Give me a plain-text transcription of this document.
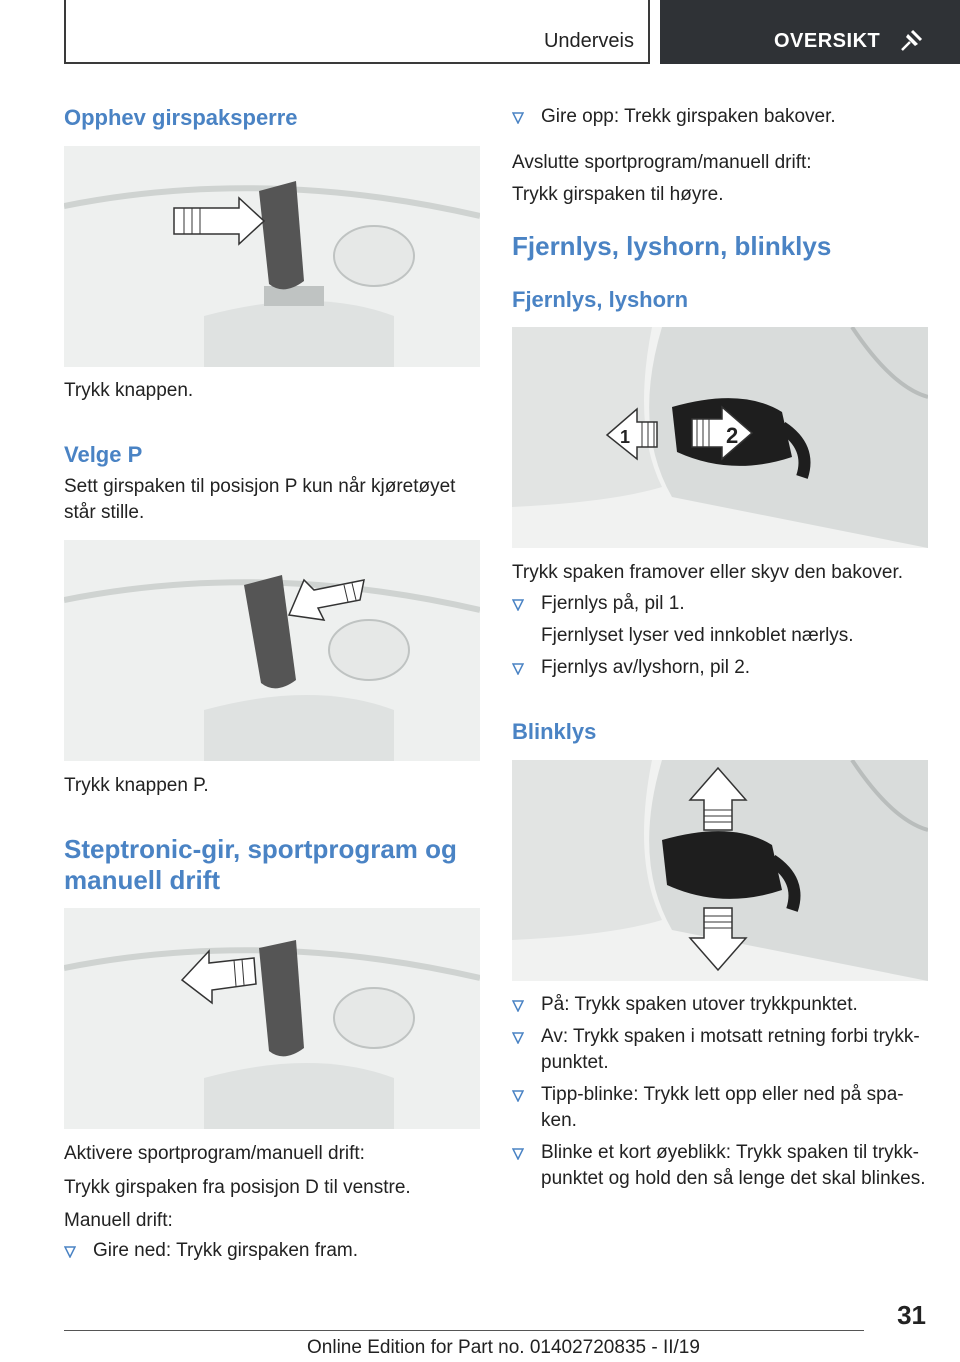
Underveis	OVERSIKT
Opphev girspaksperre

Trykk knappen.

Velge P

Sett girspaken til posisjon P kun når kjøretøyet står stille.

Trykk knappen P.

Steptronic-gir, sportprogram og manuell drift

Aktivere sportprogram/manuell drift:

Trykk girspaken fra posisjon D til venstre.

Manuell drift:

Gire ned: Trykk girspaken fram.
Gire opp: Trekk girspaken bakover.

Avslutte sportprogram/manuell drift:

Trykk girspaken til høyre.

Fjernlys, lyshorn, blinklys
Fjernlys, lyshorn
1	2

Trykk spaken framover eller skyv den bakover.

Fjernlys på, pil 1.
Fjernlyset lyser ved innkoblet nærlys.
Fjernlys av/lyshorn, pil 2.
Blinklys
På: Trykk spaken utover trykkpunktet.
Av: Trykk spaken i motsatt retning forbi trykk-punktet.
Tipp-blinke: Trykk lett opp eller ned på spa-ken.
Blinke et kort øyeblikk: Trykk spaken til trykk-punktet og hold den så lenge det skal blinkes.
31
Online Edition for Part no. 01402720835 - II/19
